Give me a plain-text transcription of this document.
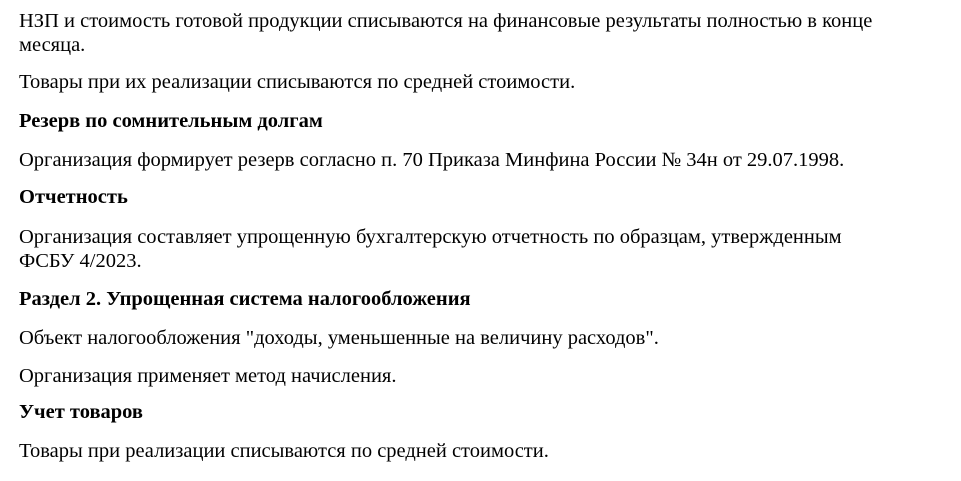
НЗП и стоимость готовой продукции списываются на финансовые результаты полностью в конце
месяца.
Товары при их реализации списываются по средней стоимости.
Резерв по сомнительным долгам
Организация формирует резерв согласно п. 70 Приказа Минфина России № 34н от 29.07.1998.
Отчетность
Организация составляет упрощенную бухгалтерскую отчетность по образцам, утвержденным
ФСБУ 4/2023.
Раздел 2. Упрощенная система налогообложения
Объект налогообложения "доходы, уменьшенные на величину расходов".
Организация применяет метод начисления.
Учет товаров
Товары при реализации списываются по средней стоимости.
